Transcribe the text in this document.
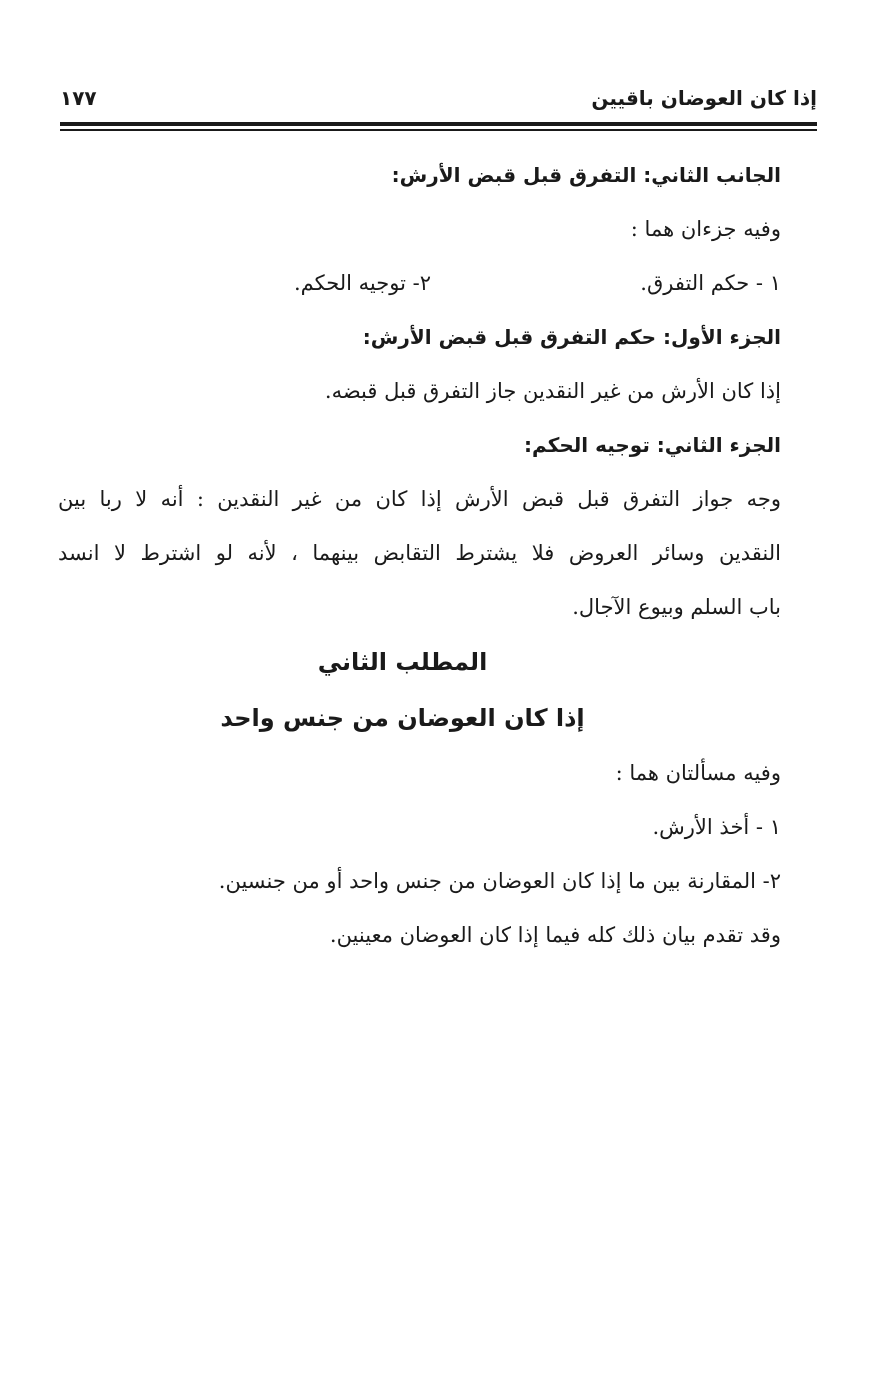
إذا كان العوضان باقيين
١٧٧
الجانب الثاني: التفرق قبل قبض الأرش:
وفيه جزءان هما :
١ - حكم التفرق.
٢- توجيه الحكم.
الجزء الأول: حكم التفرق قبل قبض الأرش:
إذا كان الأرش من غير النقدين جاز التفرق قبل قبضه.
الجزء الثاني: توجيه الحكم:
وجه جواز التفرق قبل قبض الأرش إذا كان من غير النقدين : أنه لا ربا بين
النقدين وسائر العروض فلا يشترط التقابض بينهما ، لأنه لو اشترط لا انسد
باب السلم وبيوع الآجال.
المطلب الثاني
إذا كان العوضان من جنس واحد
وفيه مسألتان هما :
١ - أخذ الأرش.
٢- المقارنة بين ما إذا كان العوضان من جنس واحد أو من جنسين.
وقد تقدم بيان ذلك كله فيما إذا كان العوضان معينين.
